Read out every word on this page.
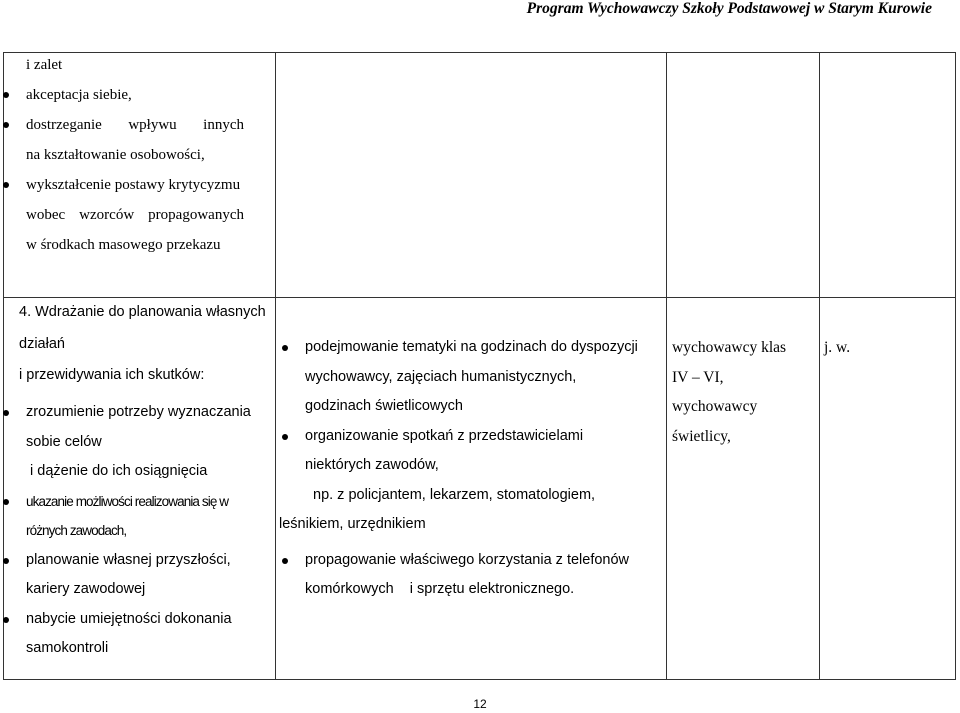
Program Wychowawczy Szkoły Podstawowej w Starym Kurowie
i zalet
akceptacja siebie,
dostrzeganie wpływu innych
na kształtowanie osobowości,
wykształcenie postawy krytycyzmu
wobec wzorców propagowanych
w środkach masowego przekazu
4. Wdrażanie do planowania własnych
działań
i przewidywania ich skutków:
zrozumienie potrzeby wyznaczania
sobie celów
i dążenie do ich osiągnięcia
ukazanie możliwości realizowania się w
różnych zawodach,
planowanie własnej przyszłości,
kariery zawodowej
nabycie umiejętności dokonania
samokontroli
podejmowanie tematyki na godzinach do dyspozycji
wychowawcy, zajęciach humanistycznych,
godzinach świetlicowych
organizowanie spotkań z przedstawicielami
niektórych zawodów,
np. z policjantem, lekarzem, stomatologiem,
leśnikiem, urzędnikiem
propagowanie właściwego korzystania z telefonów
komórkowych    i sprzętu elektronicznego.
wychowawcy klas
IV – VI,
wychowawcy
świetlicy,
j. w.
12
